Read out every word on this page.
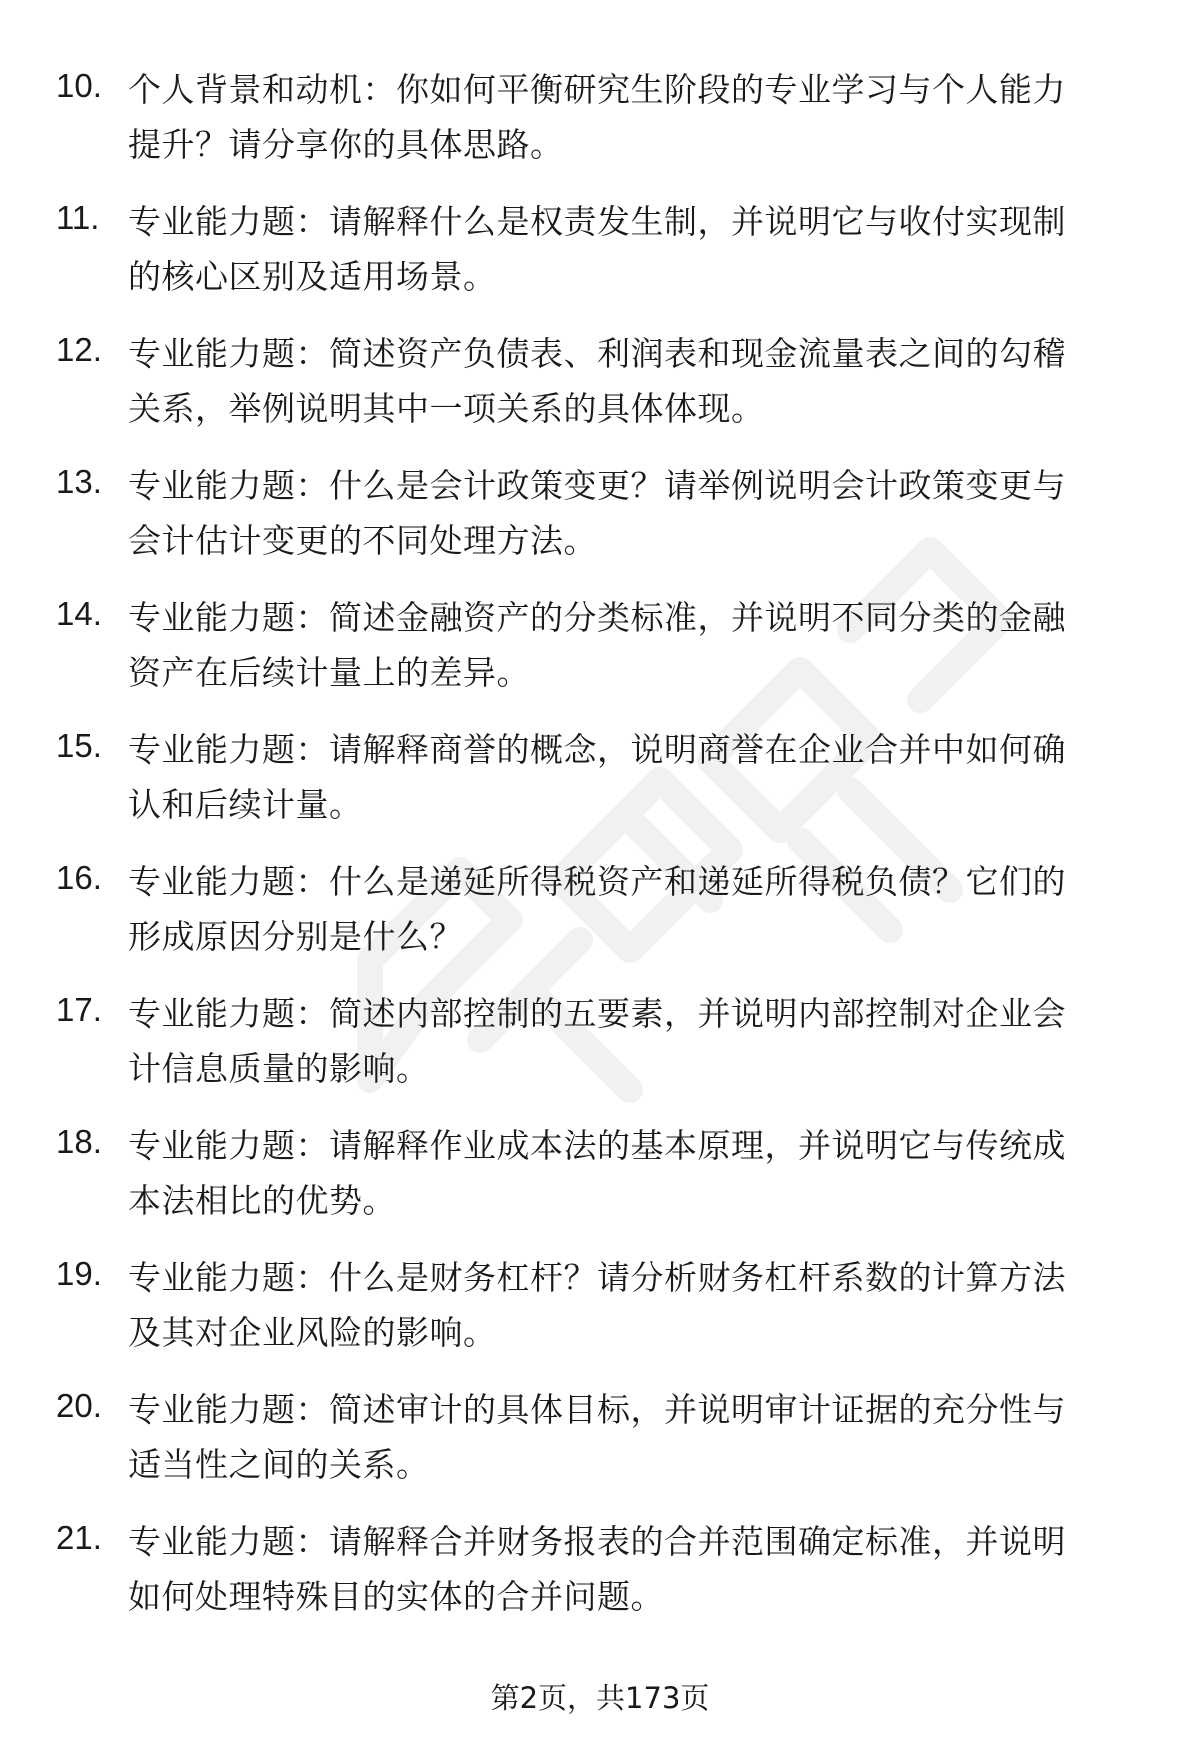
10. 个人背景和动机：你如何平衡研究生阶段的专业学习与个人能力
提升？请分享你的具体思路。
11. 专业能力题：请解释什么是权责发生制，并说明它与收付实现制
的核心区别及适用场景。
12. 专业能力题：简述资产负债表、利润表和现金流量表之间的勾稽
关系，举例说明其中一项关系的具体体现。
13. 专业能力题：什么是会计政策变更？请举例说明会计政策变更与
会计估计变更的不同处理方法。
14. 专业能力题：简述金融资产的分类标准，并说明不同分类的金融
资产在后续计量上的差异。
15. 专业能力题：请解释商誉的概念，说明商誉在企业合并中如何确
认和后续计量。
16. 专业能力题：什么是递延所得税资产和递延所得税负债？它们的
形成原因分别是什么？
17. 专业能力题：简述内部控制的五要素，并说明内部控制对企业会
计信息质量的影响。
18. 专业能力题：请解释作业成本法的基本原理，并说明它与传统成
本法相比的优势。
19. 专业能力题：什么是财务杠杆？请分析财务杠杆系数的计算方法
及其对企业风险的影响。
20. 专业能力题：简述审计的具体目标，并说明审计证据的充分性与
适当性之间的关系。
21. 专业能力题：请解释合并财务报表的合并范围确定标准，并说明
如何处理特殊目的实体的合并问题。
第2页，共173页
